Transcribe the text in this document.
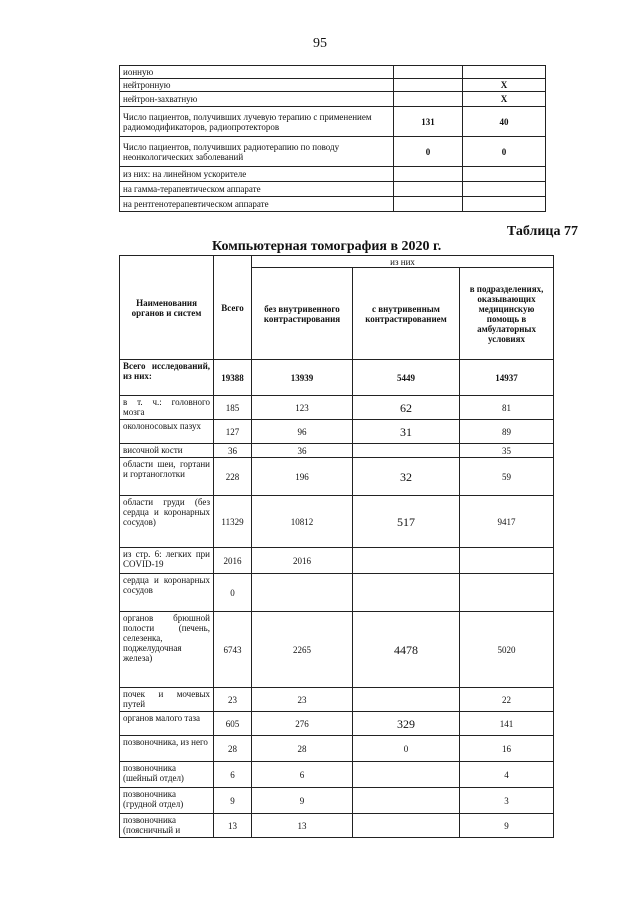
95
ионную		
нейтронную		Х
нейтрон-захватную		Х
Число пациентов, получивших лучевую терапию с применением радиомодификаторов, радиопротекторов	131	40
Число пациентов, получивших радиотерапию по поводу неонкологических заболеваний	0	0
из них: на линейном ускорителе		
на гамма-терапевтическом аппарате		
на рентгенотерапевтическом аппарате		
Таблица 77
Компьютерная томография в 2020 г.
Наименования органов и систем	Всего	из них		
		без внутривенного контрастирования	с внутривенным контрастированием	в подразделениях, оказывающих медицинскую помощь в амбулаторных условиях
Всего исследований, из них:	19388	13939	5449	14937
в т. ч.: головного мозга	185	123	62	81
околоносовых пазух	127	96	31	89
височной кости	36	36		35
области шеи, гортани и гортаноглотки	228	196	32	59
области груди (без сердца и коронарных сосудов)	11329	10812	517	9417
из стр. 6: легких при COVID-19	2016	2016		
сердца и коронарных сосудов	0			
органов брюшной полости (печень, селезенка, поджелудочная железа)	6743	2265	4478	5020
почек и мочевых путей	23	23		22
органов малого таза	605	276	329	141
позвоночника, из него	28	28	0	16
позвоночника (шейный отдел)	6	6		4
позвоночника (грудной отдел)	9	9		3
позвоночника (поясничный и	13	13		9
